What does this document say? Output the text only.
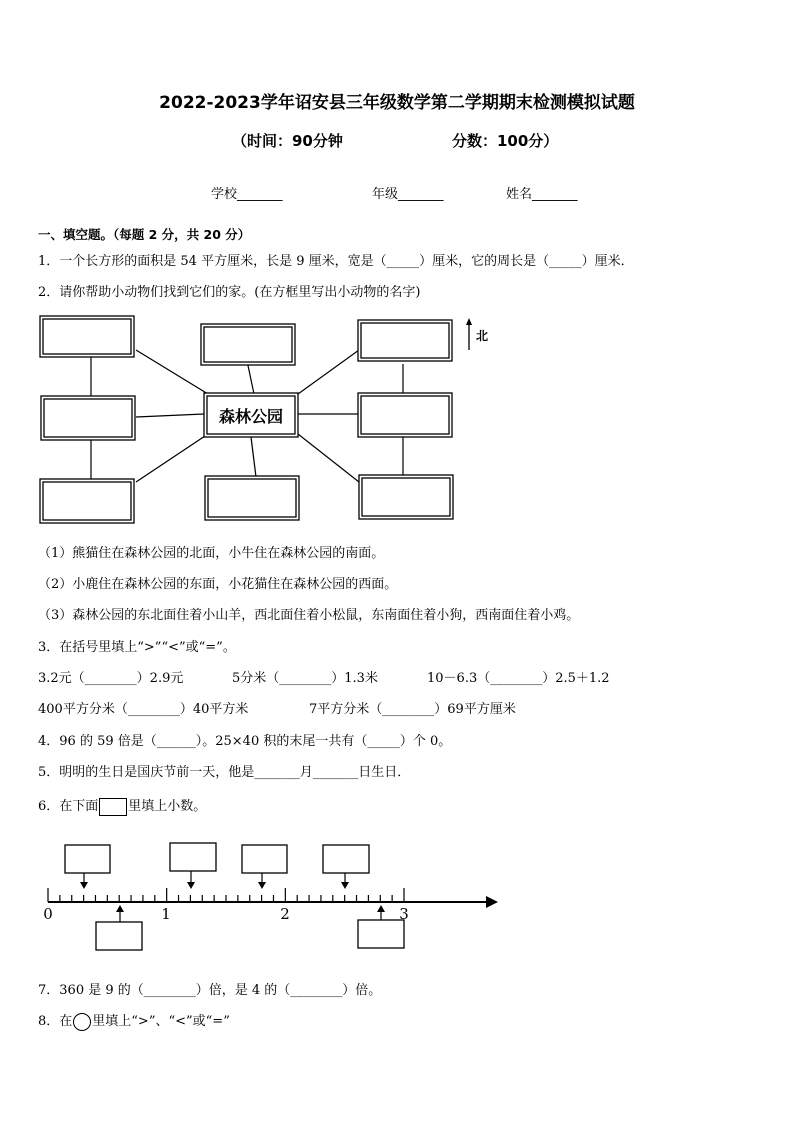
2022-2023学年诏安县三年级数学第二学期期末检测模拟试题
（时间：90分钟	分数：100分）
学校_______	年级_______	姓名_______
一、填空题。（每题 2 分，共 20 分）
1．一个长方形的面积是 54 平方厘米，长是 9 厘米，宽是（_____）厘米，它的周长是（_____）厘米．
2．请你帮助小动物们找到它们的家。(在方框里写出小动物的名字)
森林公园
北
（1）熊猫住在森林公园的北面，小牛住在森林公园的南面。
（2）小鹿住在森林公园的东面，小花猫住在森林公园的西面。
（3）森林公园的东北面住着小山羊，西北面住着小松鼠，东南面住着小狗，西南面住着小鸡。
3．在括号里填上“>”“<”或“=”。
3.2元（________）2.9元	5分米（________）1.3米	10－6.3（________）2.5＋1.2
400平方分米（________）40平方米	7平方分米（________）69平方厘米
4．96 的 59 倍是（______）。25×40 积的末尾一共有（_____）个 0。
5．明明的生日是国庆节前一天，他是_______月_______日生日．
6．在下面 里填上小数。
0	1	2	3
7．360 是 9 的（________）倍，是 4 的（________）倍。
8．在 里填上“>”、“<”或“=”
